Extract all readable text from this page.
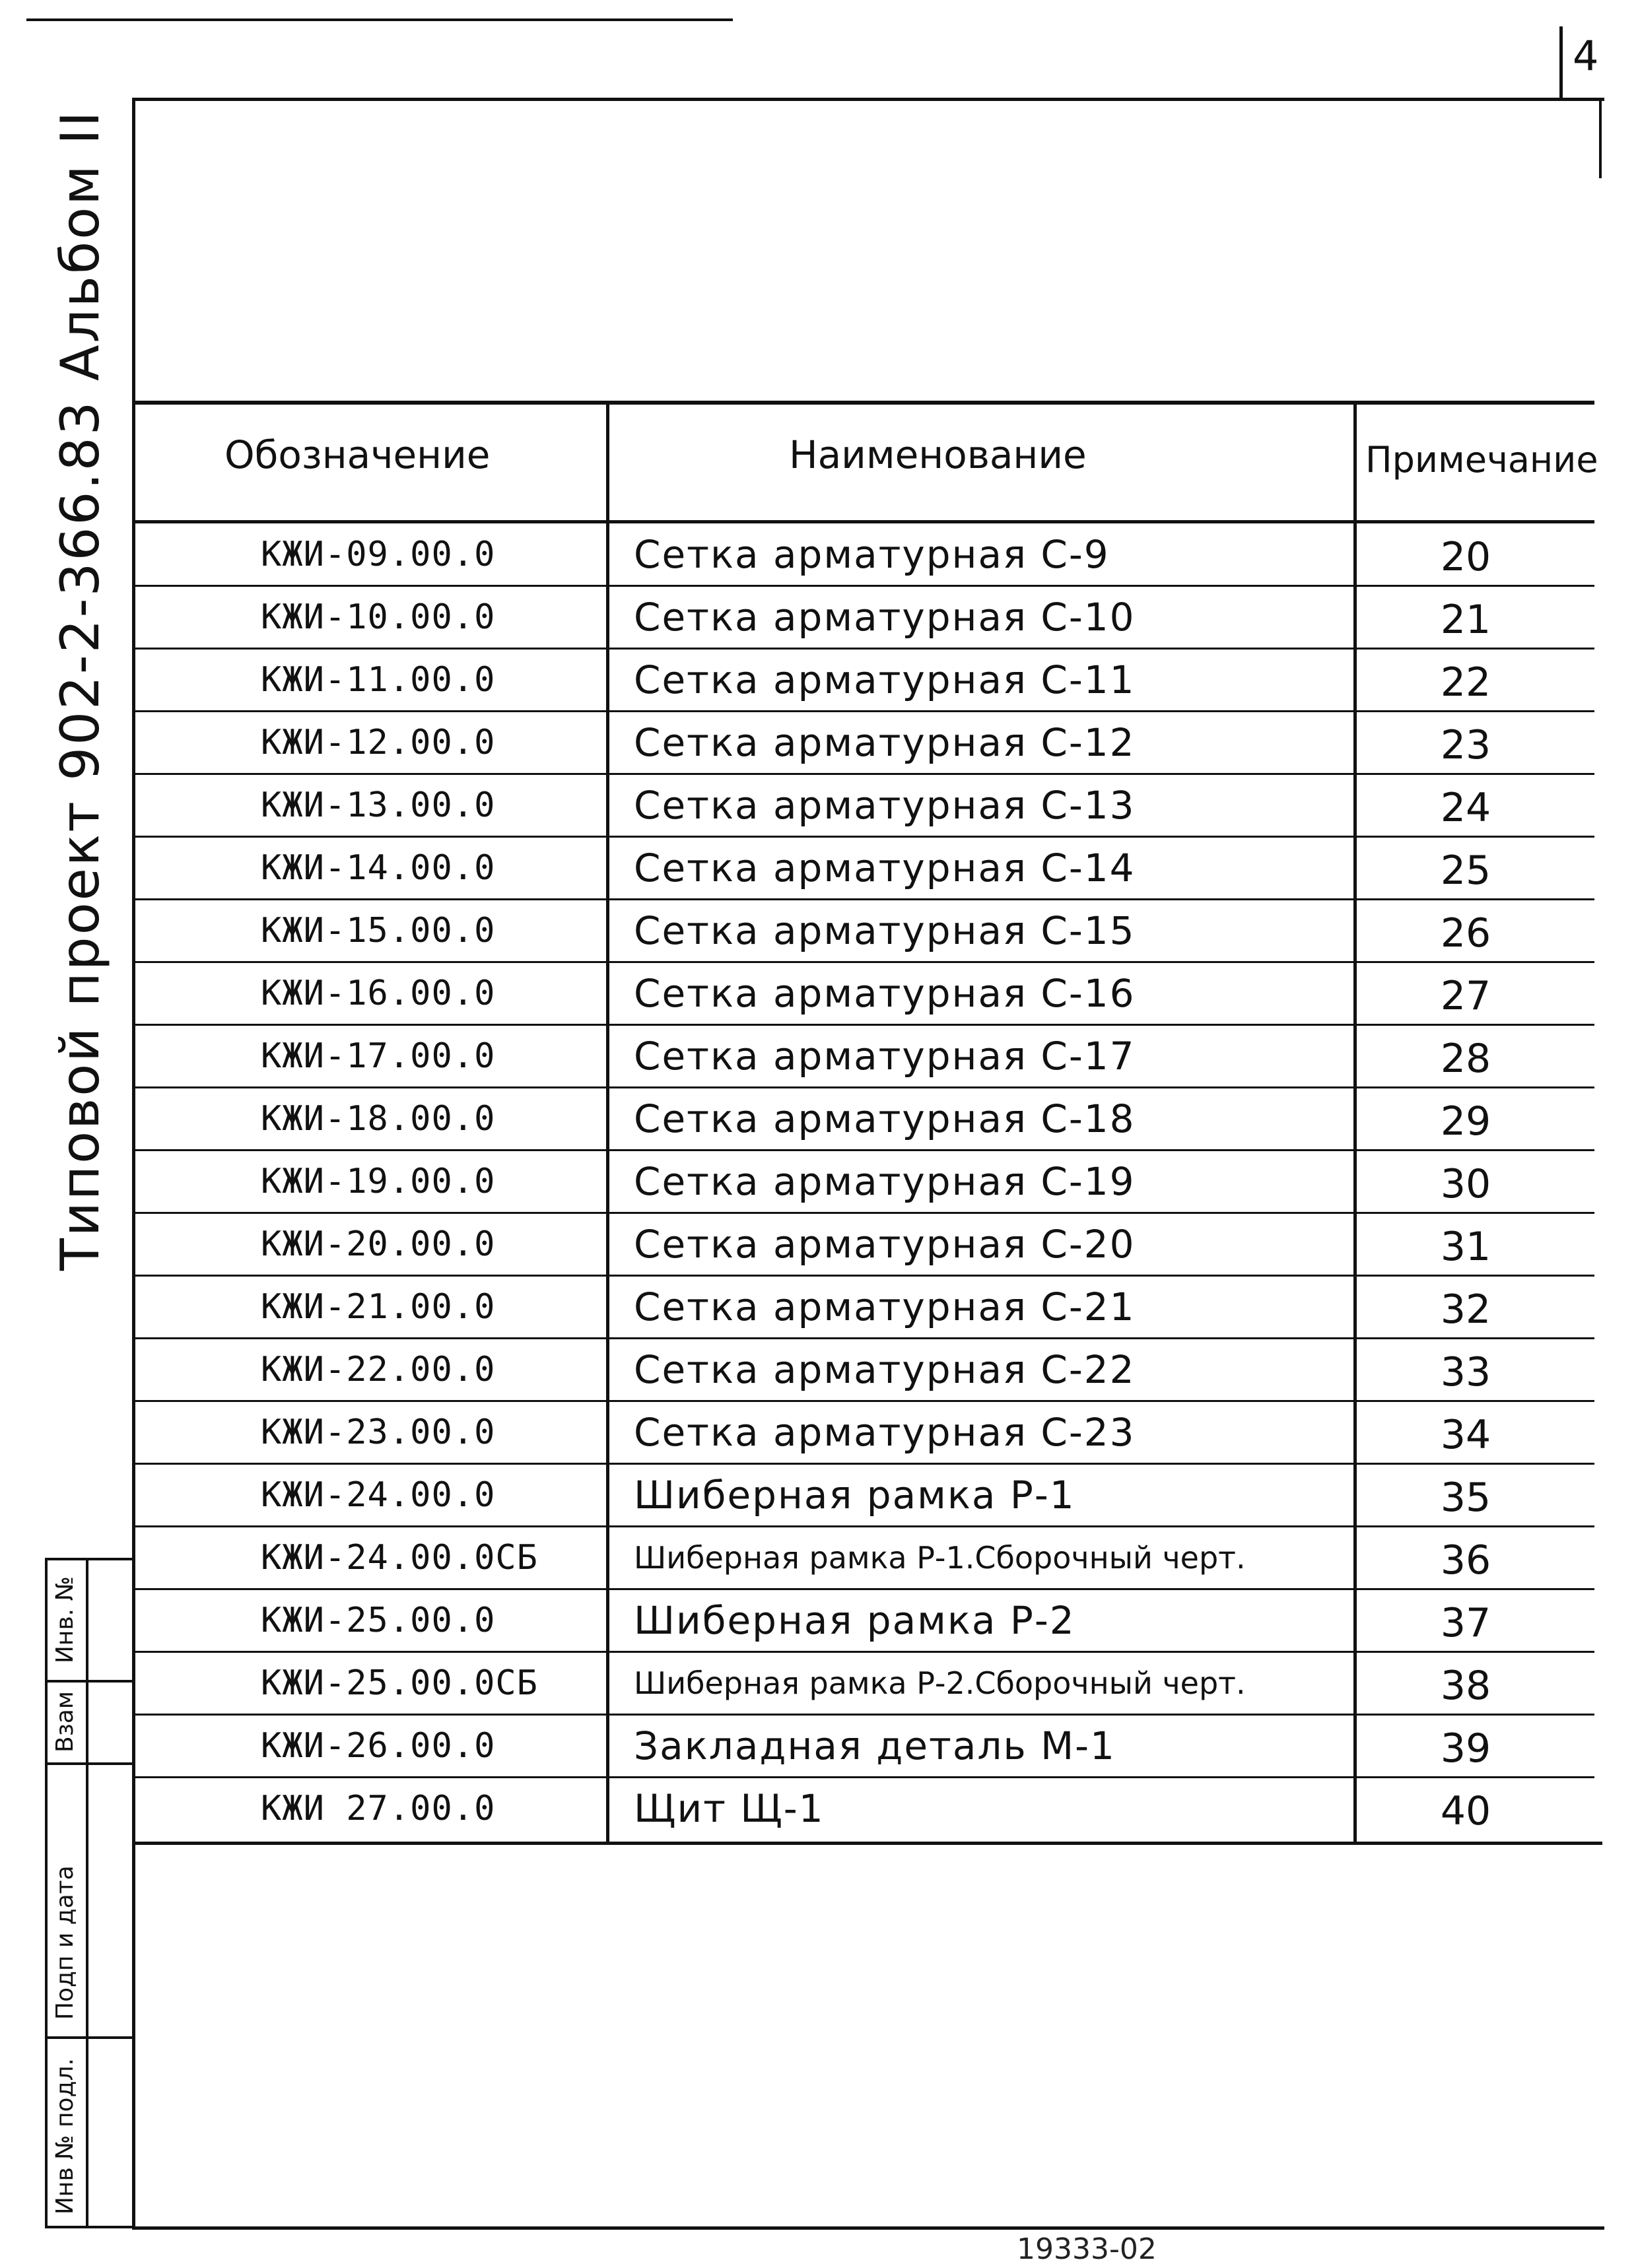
4
Типовой проект 902-2-366.83 Альбом II	Обозначение	Наименование	Примечание
КЖИ-09.00.0	Сетка арматурная С-9	20
КЖИ-10.00.0	Сетка арматурная С-10	21
КЖИ-11.00.0	Сетка арматурная С-11	22
КЖИ-12.00.0	Сетка арматурная С-12	23
КЖИ-13.00.0	Сетка арматурная С-13	24
КЖИ-14.00.0	Сетка арматурная С-14	25
КЖИ-15.00.0	Сетка арматурная С-15	26
КЖИ-16.00.0	Сетка арматурная С-16	27
КЖИ-17.00.0	Сетка арматурная С-17	28
КЖИ-18.00.0	Сетка арматурная С-18	29
КЖИ-19.00.0	Сетка арматурная С-19	30
КЖИ-20.00.0	Сетка арматурная С-20	31
КЖИ-21.00.0	Сетка арматурная С-21	32
КЖИ-22.00.0	Сетка арматурная С-22	33
КЖИ-23.00.0	Сетка арматурная С-23	34
КЖИ-24.00.0	Шиберная рамка Р-1	35
КЖИ-24.00.0СБ	Шиберная рамка Р-1.Сборочный черт.	36
КЖИ-25.00.0	Шиберная рамка Р-2	37
КЖИ-25.00.0СБ	Шиберная рамка Р-2.Сборочный черт.	38
КЖИ-26.00.0	Закладная деталь М-1	39
КЖИ 27.00.0	Щит Щ-1	40
Инв. №
Взам
Подп и дата
Инв № подл.
19333-02
